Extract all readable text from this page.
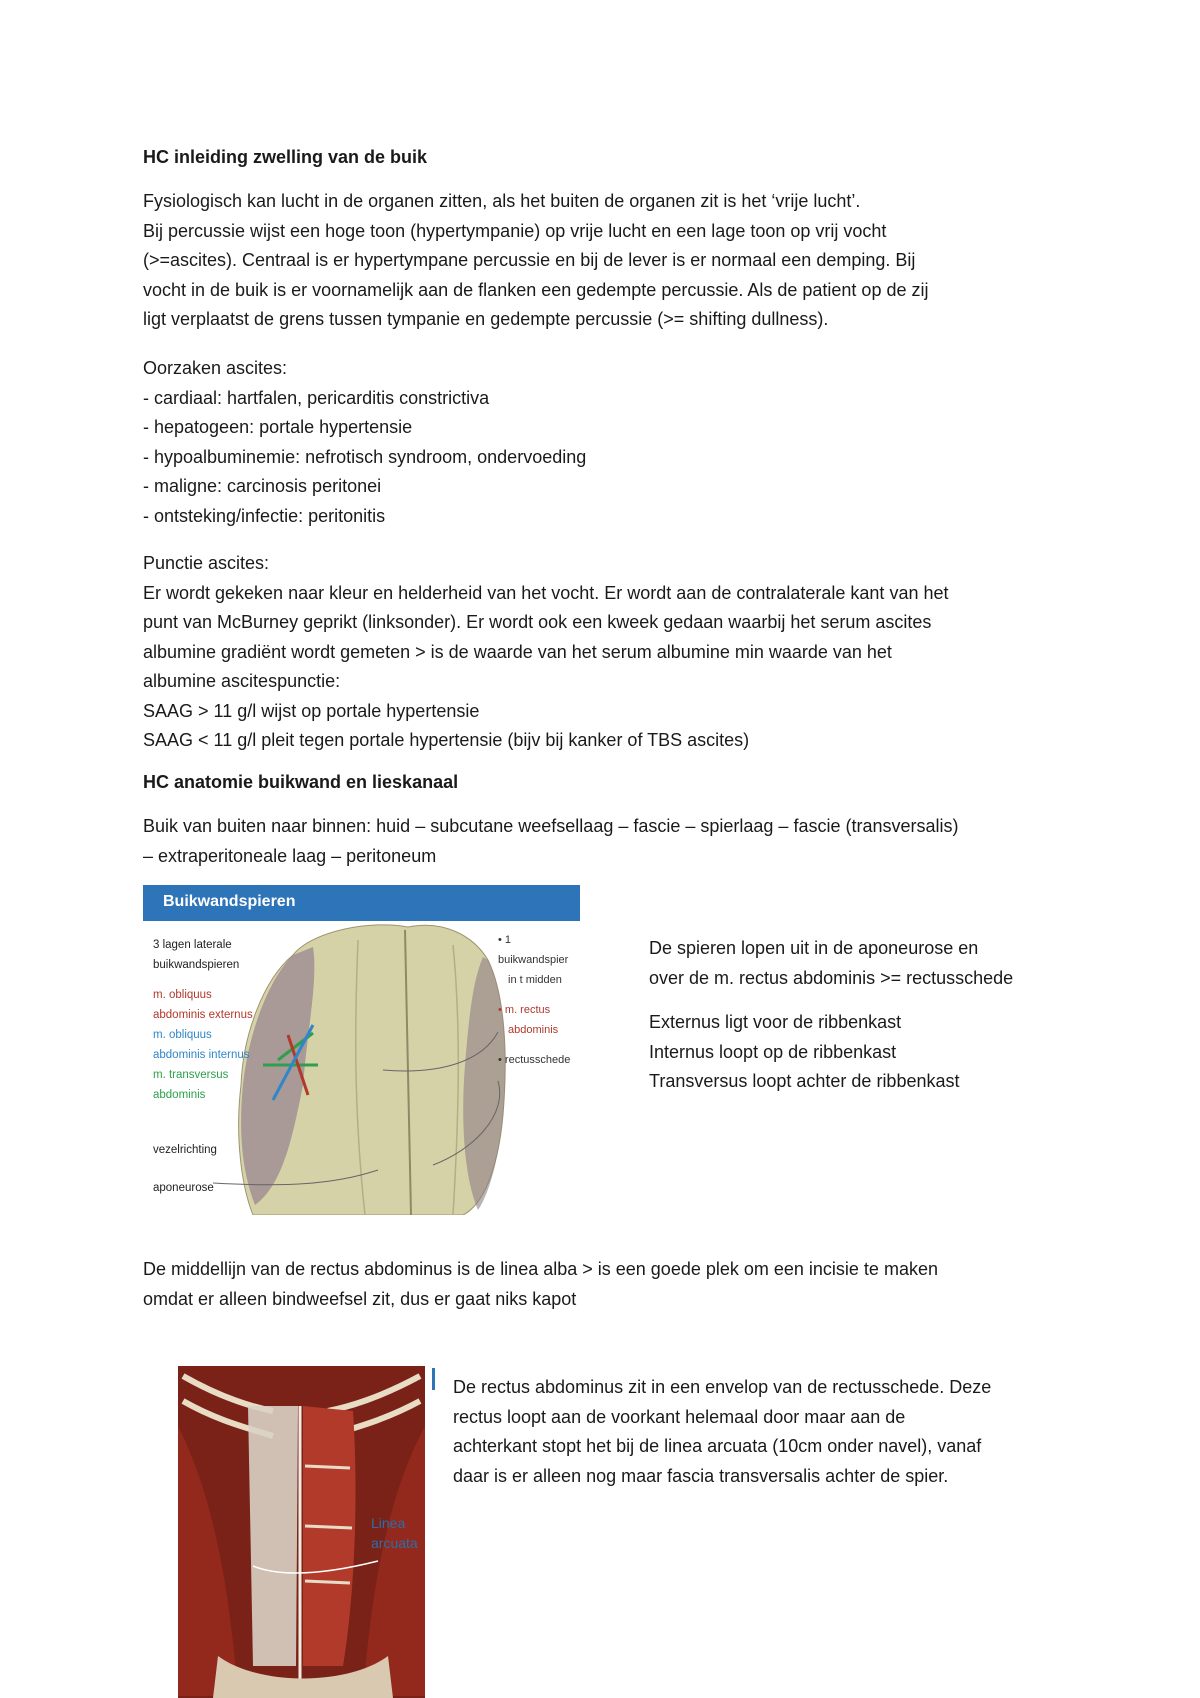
HC inleiding zwelling van de buik
Fysiologisch kan lucht in de organen zitten, als het buiten de organen zit is het ‘vrije lucht’.
Bij percussie wijst een hoge toon (hypertympanie) op vrije lucht en een lage toon op vrij vocht
(>=ascites). Centraal is er hypertympane percussie en bij de lever is er normaal een demping. Bij
vocht in de buik is er voornamelijk aan de flanken een gedempte percussie. Als de patient op de zij
ligt verplaatst de grens tussen tympanie en gedempte percussie (>= shifting dullness).
Oorzaken ascites:
- cardiaal: hartfalen, pericarditis constrictiva
- hepatogeen: portale hypertensie
- hypoalbuminemie: nefrotisch syndroom, ondervoeding
- maligne: carcinosis peritonei
- ontsteking/infectie: peritonitis
Punctie ascites:
Er wordt gekeken naar kleur en helderheid van het vocht. Er wordt aan de contralaterale kant van het
punt van McBurney geprikt (linksonder). Er wordt ook een kweek gedaan waarbij het serum ascites
albumine gradiënt wordt gemeten > is de waarde van het serum albumine min waarde van het
albumine ascitespunctie:
SAAG > 11 g/l wijst op portale hypertensie
SAAG < 11 g/l pleit tegen portale hypertensie (bijv bij kanker of TBS ascites)
HC anatomie buikwand en lieskanaal
Buik van buiten naar binnen: huid – subcutane weefsellaag – fascie – spierlaag – fascie (transversalis)
– extraperitoneale laag – peritoneum
Buikwandspieren
3 lagen laterale
buikwandspieren
m. obliquus
abdominis externus
m. obliquus
abdominis internus
m. transversus
abdominis
vezelrichting
aponeurose
• 1 buikwandspier
in t midden
• m. rectus
abdominis
• rectusschede
De spieren lopen uit in de aponeurose en
over de m. rectus abdominis >= rectusschede
Externus ligt voor de ribbenkast
Internus loopt op de ribbenkast
Transversus loopt achter de ribbenkast
De middellijn van de rectus abdominus is de linea alba > is een goede plek om een incisie te maken
omdat er alleen bindweefsel zit, dus er gaat niks kapot
Linea
arcuata
De rectus abdominus zit in een envelop van de rectusschede. Deze
rectus loopt aan de voorkant helemaal door maar aan de
achterkant stopt het bij de linea arcuata (10cm onder navel), vanaf
daar is er alleen nog maar fascia transversalis achter de spier.
